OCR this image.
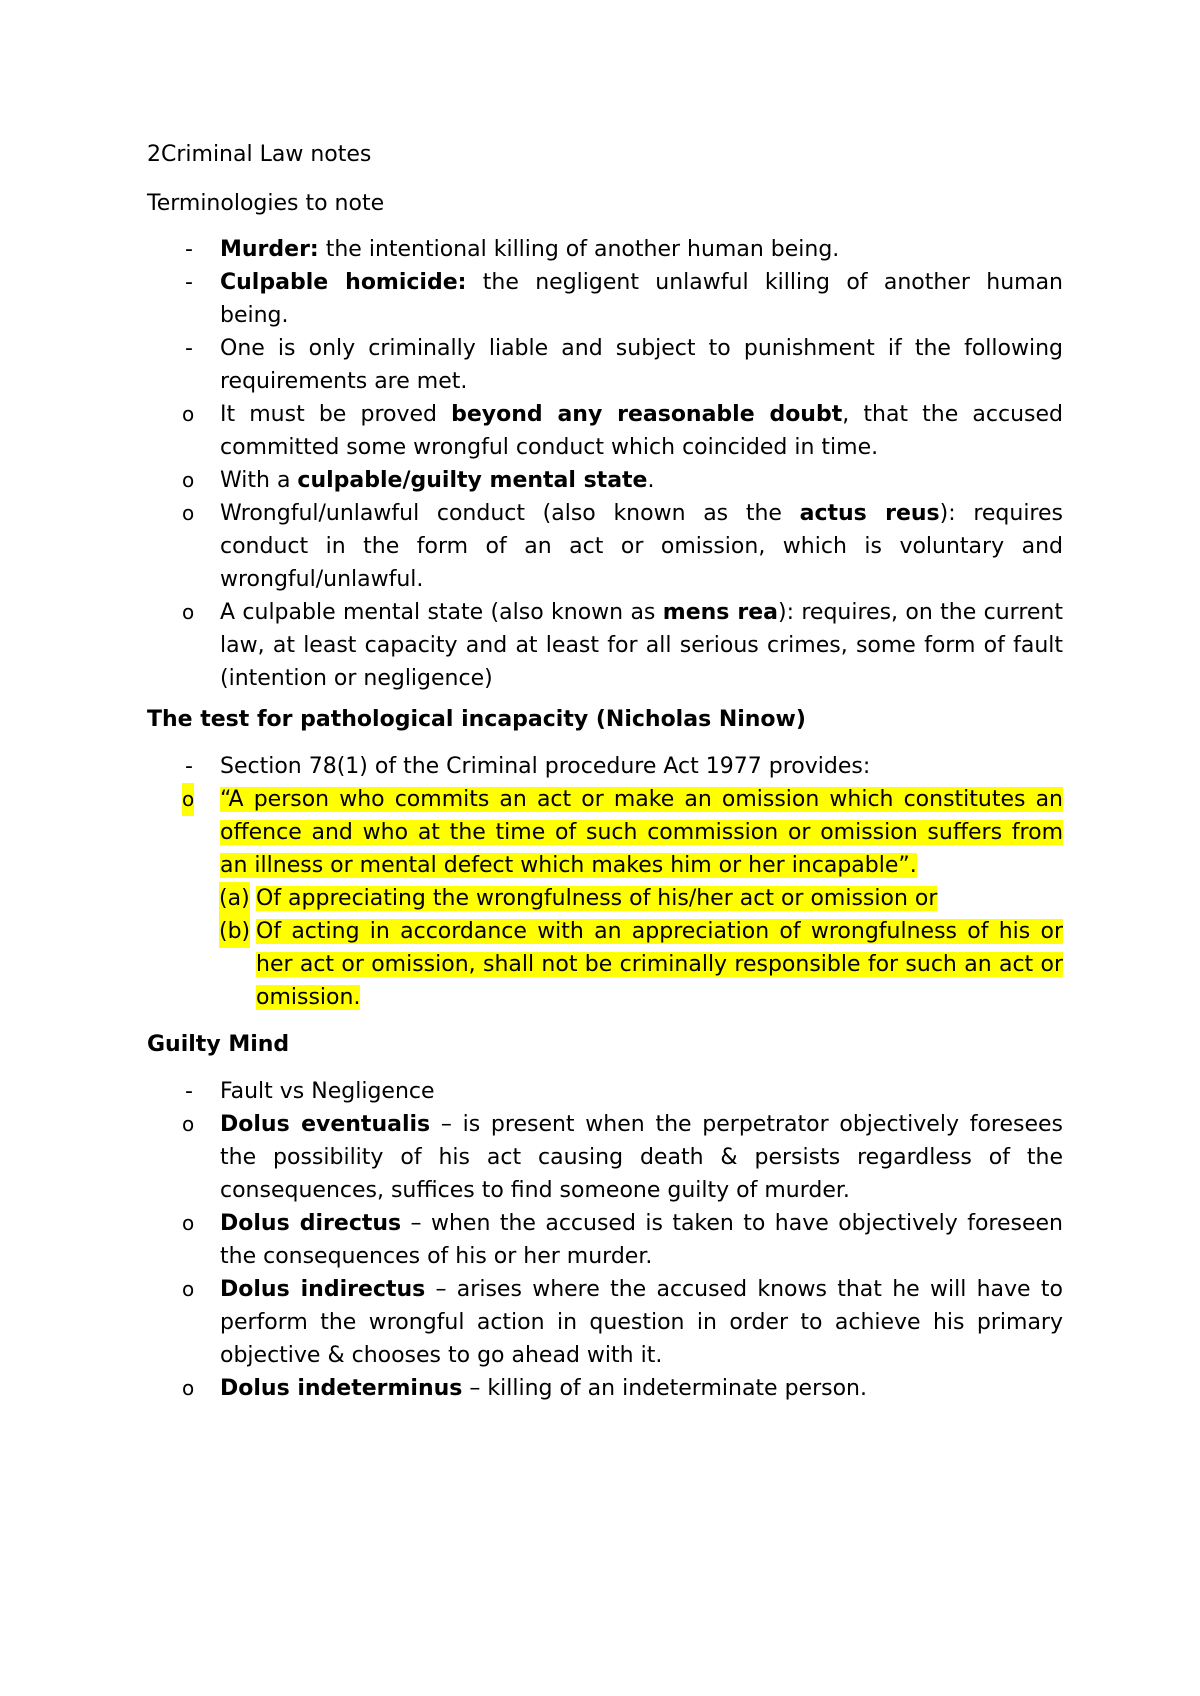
2Criminal Law notes

Terminologies to note

- Murder: the intentional killing of another human being.
- Culpable homicide: the negligent unlawful killing of another human being.
- One is only criminally liable and subject to punishment if the following requirements are met.
o It must be proved beyond any reasonable doubt, that the accused committed some wrongful conduct which coincided in time.
o With a culpable/guilty mental state.
o Wrongful/unlawful conduct (also known as the actus reus): requires conduct in the form of an act or omission, which is voluntary and wrongful/unlawful.
o A culpable mental state (also known as mens rea): requires, on the current law, at least capacity and at least for all serious crimes, some form of fault (intention or negligence)

The test for pathological incapacity (Nicholas Ninow)

- Section 78(1) of the Criminal procedure Act 1977 provides:
o “A person who commits an act or make an omission which constitutes an offence and who at the time of such commission or omission suffers from an illness or mental defect which makes him or her incapable”.
(a) Of appreciating the wrongfulness of his/her act or omission or
(b) Of acting in accordance with an appreciation of wrongfulness of his or her act or omission, shall not be criminally responsible for such an act or omission.

Guilty Mind

- Fault vs Negligence
o Dolus eventualis – is present when the perpetrator objectively foresees the possibility of his act causing death & persists regardless of the consequences, suffices to find someone guilty of murder.
o Dolus directus – when the accused is taken to have objectively foreseen the consequences of his or her murder.
o Dolus indirectus – arises where the accused knows that he will have to perform the wrongful action in question in order to achieve his primary objective & chooses to go ahead with it.
o Dolus indeterminus – killing of an indeterminate person.
